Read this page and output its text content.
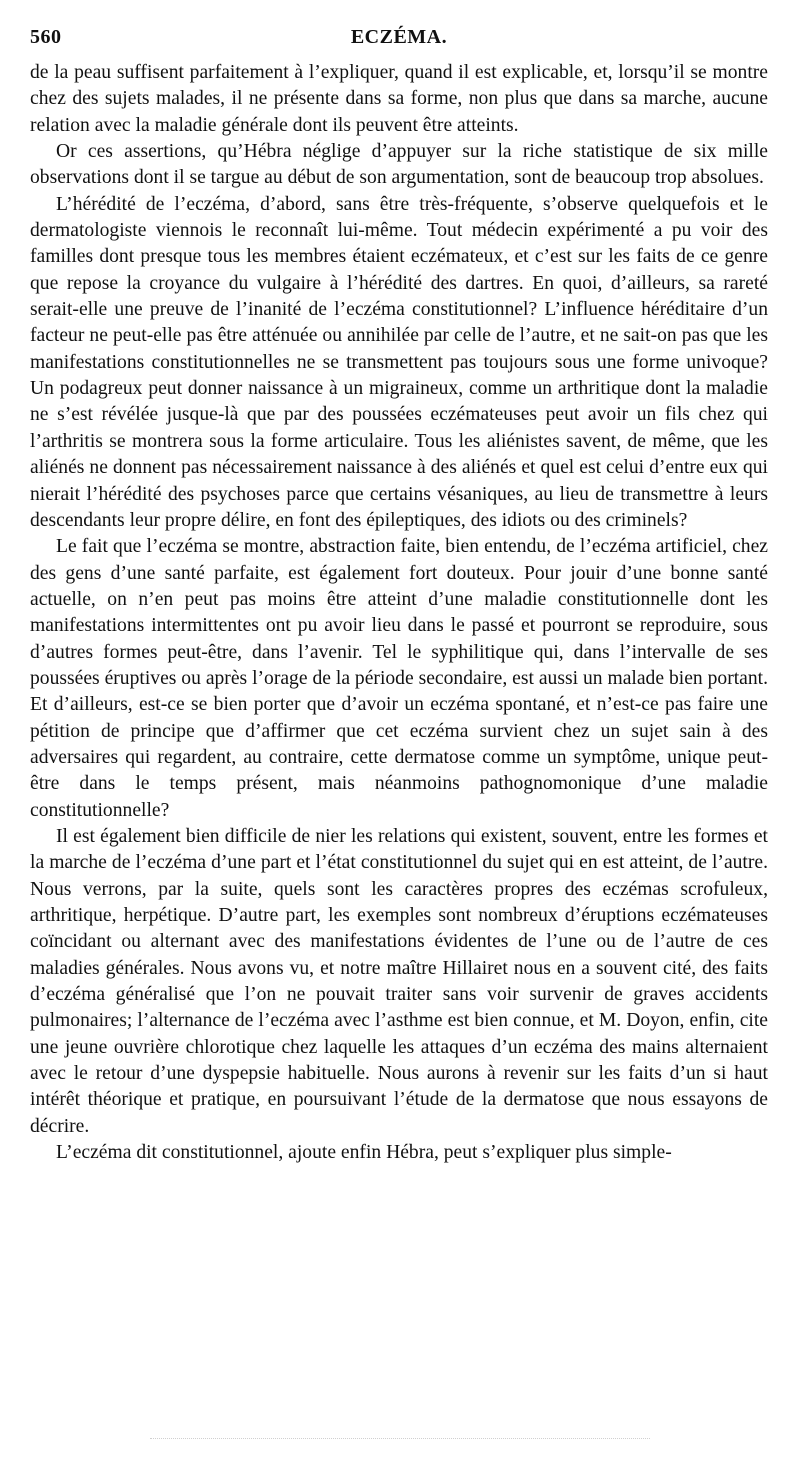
560	ECZÉMA.

de la peau suffisent parfaitement à l’expliquer, quand il est explicable, et, lorsqu’il se montre chez des sujets malades, il ne présente dans sa forme, non plus que dans sa marche, aucune relation avec la maladie générale dont ils peuvent être atteints.

Or ces assertions, qu’Hébra néglige d’appuyer sur la riche statistique de six mille observations dont il se targue au début de son argumentation, sont de beaucoup trop absolues.

L’hérédité de l’eczéma, d’abord, sans être très-fréquente, s’observe quelquefois et le dermatologiste viennois le reconnaît lui-même. Tout médecin expérimenté a pu voir des familles dont presque tous les membres étaient eczémateux, et c’est sur les faits de ce genre que repose la croyance du vulgaire à l’hérédité des dartres. En quoi, d’ailleurs, sa rareté serait-elle une preuve de l’inanité de l’eczéma constitutionnel? L’influence héréditaire d’un facteur ne peut-elle pas être atténuée ou annihilée par celle de l’autre, et ne sait-on pas que les manifestations constitutionnelles ne se transmettent pas toujours sous une forme univoque? Un podagreux peut donner naissance à un migraineux, comme un arthritique dont la maladie ne s’est révélée jusque-là que par des poussées eczémateuses peut avoir un fils chez qui l’arthritis se montrera sous la forme articulaire. Tous les aliénistes savent, de même, que les aliénés ne donnent pas nécessairement naissance à des aliénés et quel est celui d’entre eux qui nierait l’hérédité des psychoses parce que certains vésaniques, au lieu de transmettre à leurs descendants leur propre délire, en font des épileptiques, des idiots ou des criminels?

Le fait que l’eczéma se montre, abstraction faite, bien entendu, de l’eczéma artificiel, chez des gens d’une santé parfaite, est également fort douteux. Pour jouir d’une bonne santé actuelle, on n’en peut pas moins être atteint d’une maladie constitutionnelle dont les manifestations intermittentes ont pu avoir lieu dans le passé et pourront se reproduire, sous d’autres formes peut-être, dans l’avenir. Tel le syphilitique qui, dans l’intervalle de ses poussées éruptives ou après l’orage de la période secondaire, est aussi un malade bien portant. Et d’ailleurs, est-ce se bien porter que d’avoir un eczéma spontané, et n’est-ce pas faire une pétition de principe que d’affirmer que cet eczéma survient chez un sujet sain à des adversaires qui regardent, au contraire, cette dermatose comme un symptôme, unique peut-être dans le temps présent, mais néanmoins pathognomonique d’une maladie constitutionnelle?

Il est également bien difficile de nier les relations qui existent, souvent, entre les formes et la marche de l’eczéma d’une part et l’état constitutionnel du sujet qui en est atteint, de l’autre. Nous verrons, par la suite, quels sont les caractères propres des eczémas scrofuleux, arthritique, herpétique. D’autre part, les exemples sont nombreux d’éruptions eczémateuses coïncidant ou alternant avec des manifestations évidentes de l’une ou de l’autre de ces maladies générales. Nous avons vu, et notre maître Hillairet nous en a souvent cité, des faits d’eczéma généralisé que l’on ne pouvait traiter sans voir survenir de graves accidents pulmonaires; l’alternance de l’eczéma avec l’asthme est bien connue, et M. Doyon, enfin, cite une jeune ouvrière chlorotique chez laquelle les attaques d’un eczéma des mains alternaient avec le retour d’une dyspepsie habituelle. Nous aurons à revenir sur les faits d’un si haut intérêt théorique et pratique, en poursuivant l’étude de la dermatose que nous essayons de décrire.

L’eczéma dit constitutionnel, ajoute enfin Hébra, peut s’expliquer plus simple-
